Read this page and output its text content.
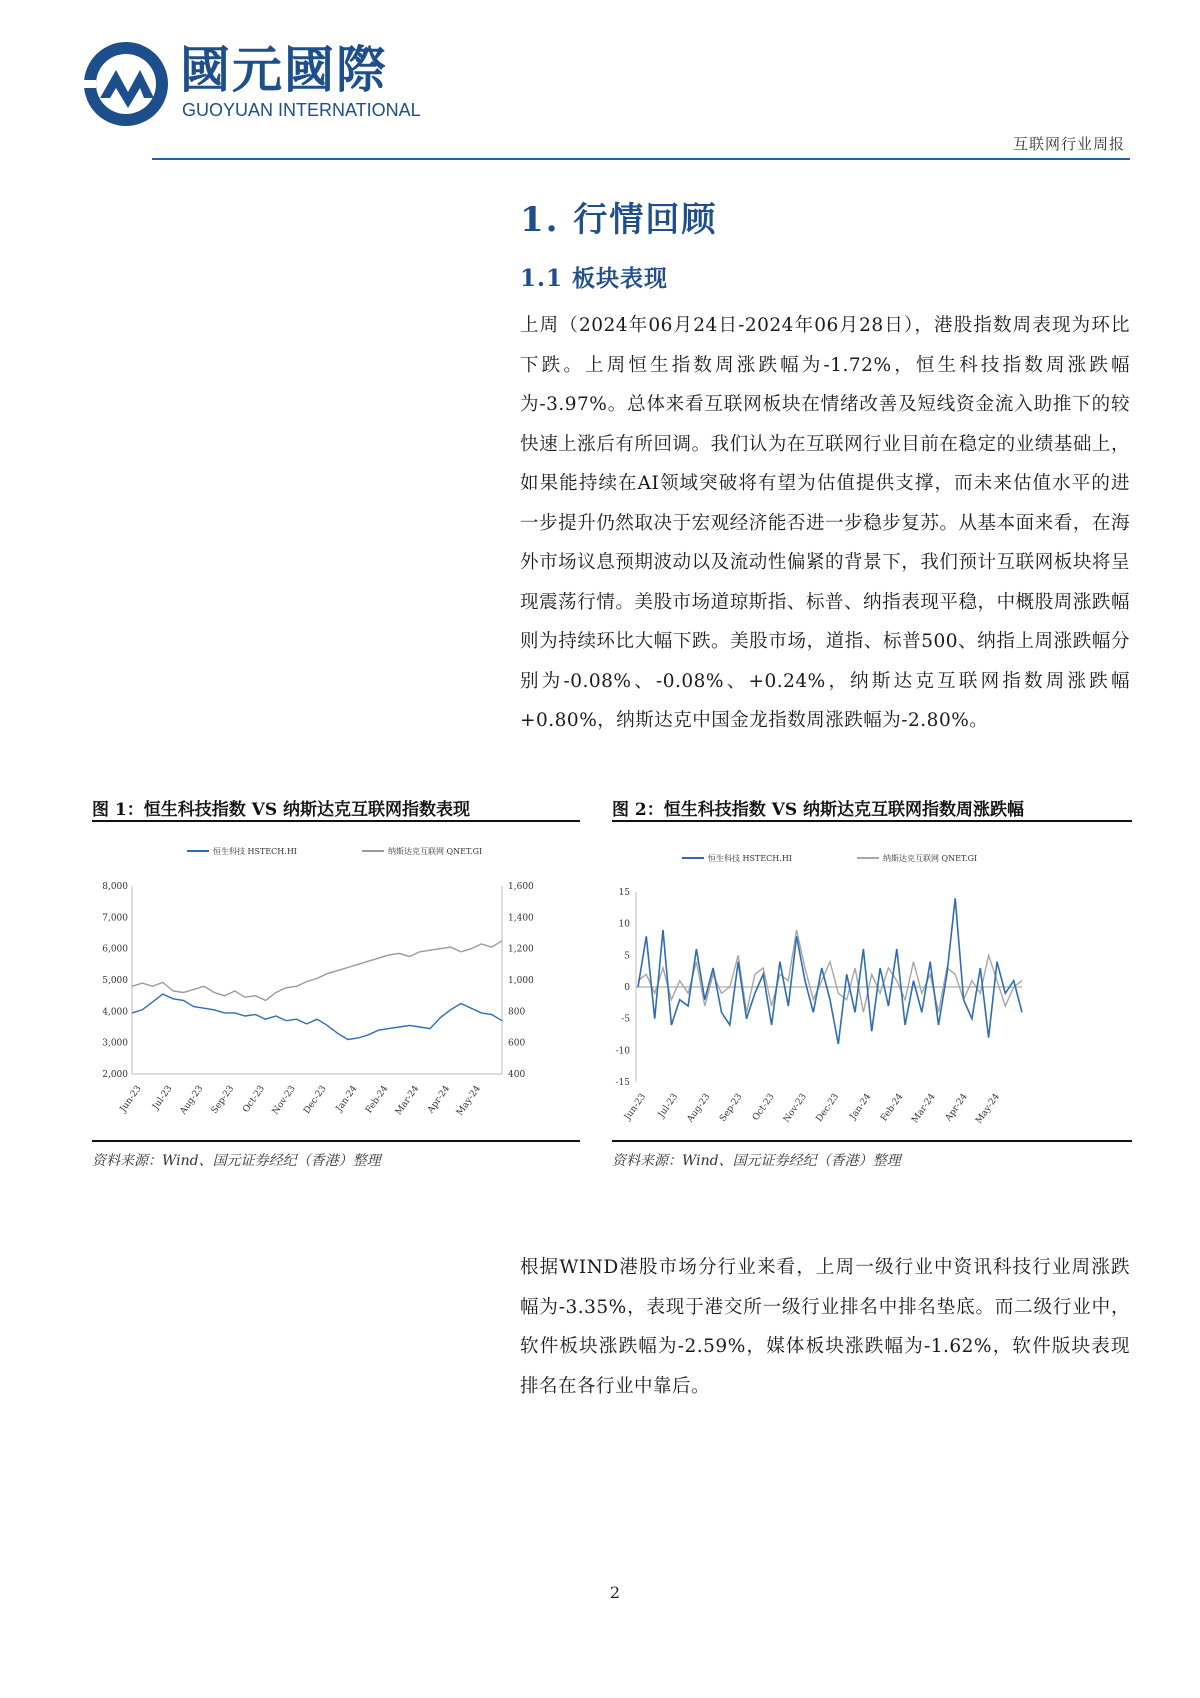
國元國際
GUOYUAN INTERNATIONAL
互联网行业周报
1. 行情回顾
1.1 板块表现
上周（2024年06月24日-2024年06月28日），港股指数周表现为环比下跌。上周恒生指数周涨跌幅为-1.72%，恒生科技指数周涨跌幅为-3.97%。总体来看互联网板块在情绪改善及短线资金流入助推下的较快速上涨后有所回调。我们认为在互联网行业目前在稳定的业绩基础上，如果能持续在AI领域突破将有望为估值提供支撑，而未来估值水平的进一步提升仍然取决于宏观经济能否进一步稳步复苏。从基本面来看，在海外市场议息预期波动以及流动性偏紧的背景下，我们预计互联网板块将呈现震荡行情。美股市场道琼斯指、标普、纳指表现平稳，中概股周涨跌幅则为持续环比大幅下跌。美股市场，道指、标普500、纳指上周涨跌幅分别为-0.08%、-0.08%、+0.24%，纳斯达克互联网指数周涨跌幅+0.80%，纳斯达克中国金龙指数周涨跌幅为-2.80%。
图 1：恒生科技指数 VS 纳斯达克互联网指数表现
8,000
7,000
6,000
5,000
4,000
3,000
2,000
1,600
1,400
1,200
1,000
800
600
400
恒生科技 HSTECH.HI	纳斯达克互联网 QNET.GI
Jun-23 Jul-23 Aug-23 Sep-23 Oct-23 Nov-23 Dec-23 Jan-24 Feb-24 Mar-24 Apr-24 May-24
资料来源：Wind、国元证券经纪（香港）整理
图 2：恒生科技指数 VS 纳斯达克互联网指数周涨跌幅
15
10
5
0
-5
-10
-15
恒生科技 HSTECH.HI	纳斯达克互联网 QNET.GI
Jun-23 Jul-23 Aug-23 Sep-23 Oct-23 Nov-23 Dec-23 Jan-24 Feb-24 Mar-24 Apr-24 May-24
资料来源：Wind、国元证券经纪（香港）整理
根据WIND港股市场分行业来看，上周一级行业中资讯科技行业周涨跌幅为-3.35%，表现于港交所一级行业排名中排名垫底。而二级行业中，软件板块涨跌幅为-2.59%，媒体板块涨跌幅为-1.62%，软件版块表现排名在各行业中靠后。
2
